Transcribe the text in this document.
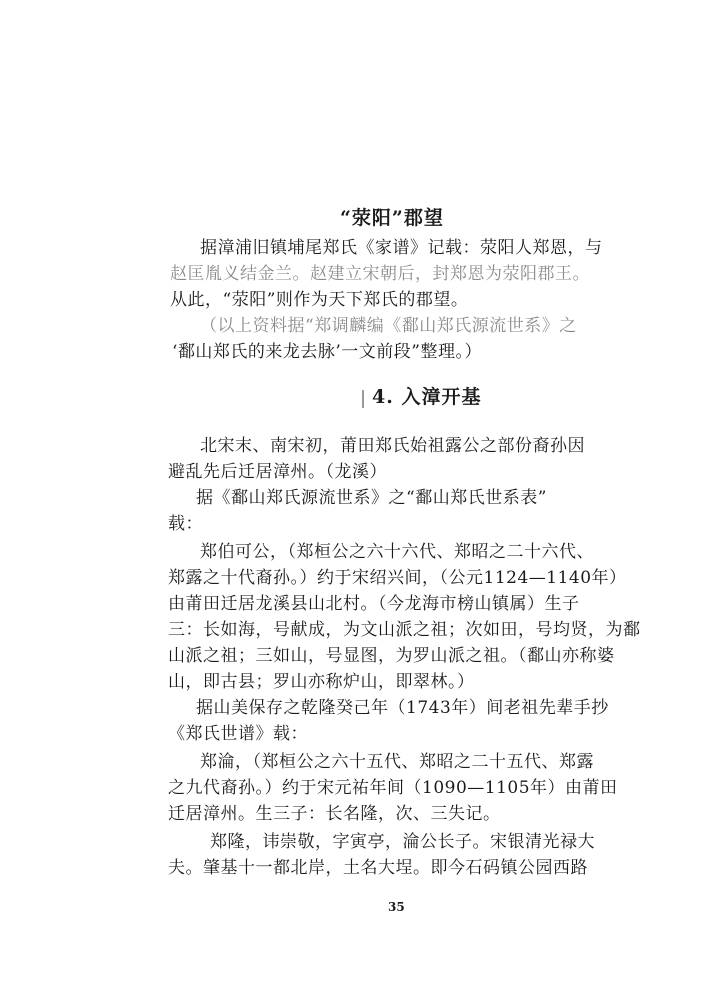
“荥阳”郡望
据漳浦旧镇埔尾郑氏《家谱》记载：荥阳人郑恩，与
赵匡胤义结金兰。赵建立宋朝后，封郑恩为荥阳郡王。
从此，“荥阳”则作为天下郑氏的郡望。
（以上资料据“郑调麟编《鄱山郑氏源流世系》之
‘鄱山郑氏的来龙去脉’一文前段”整理。）
4. 入漳开基
北宋末、南宋初，莆田郑氏始祖露公之部份裔孙因
避乱先后迁居漳州。（龙溪）
据《鄱山郑氏源流世系》之“鄱山郑氏世系表”
载：
郑伯可公，（郑桓公之六十六代、郑昭之二十六代、
郑露之十代裔孙。）约于宋绍兴间，（公元1124—1140年）
由莆田迁居龙溪县山北村。（今龙海市榜山镇属）生子
三：长如海，号献成，为文山派之祖；次如田，号均贤，为鄱
山派之祖；三如山，号显图，为罗山派之祖。（鄱山亦称婆
山，即古县；罗山亦称炉山，即翠林。）
据山美保存之乾隆癸己年（1743年）间老祖先辈手抄
《郑氏世谱》载：
郑淪，（郑桓公之六十五代、郑昭之二十五代、郑露
之九代裔孙。）约于宋元祐年间（1090—1105年）由莆田
迁居漳州。生三子：长名隆，次、三失记。
郑隆，讳崇敬，字寅亭，淪公长子。宋银清光禄大
夫。肇基十一都北岸，土名大埕。即今石码镇公园西路
35
